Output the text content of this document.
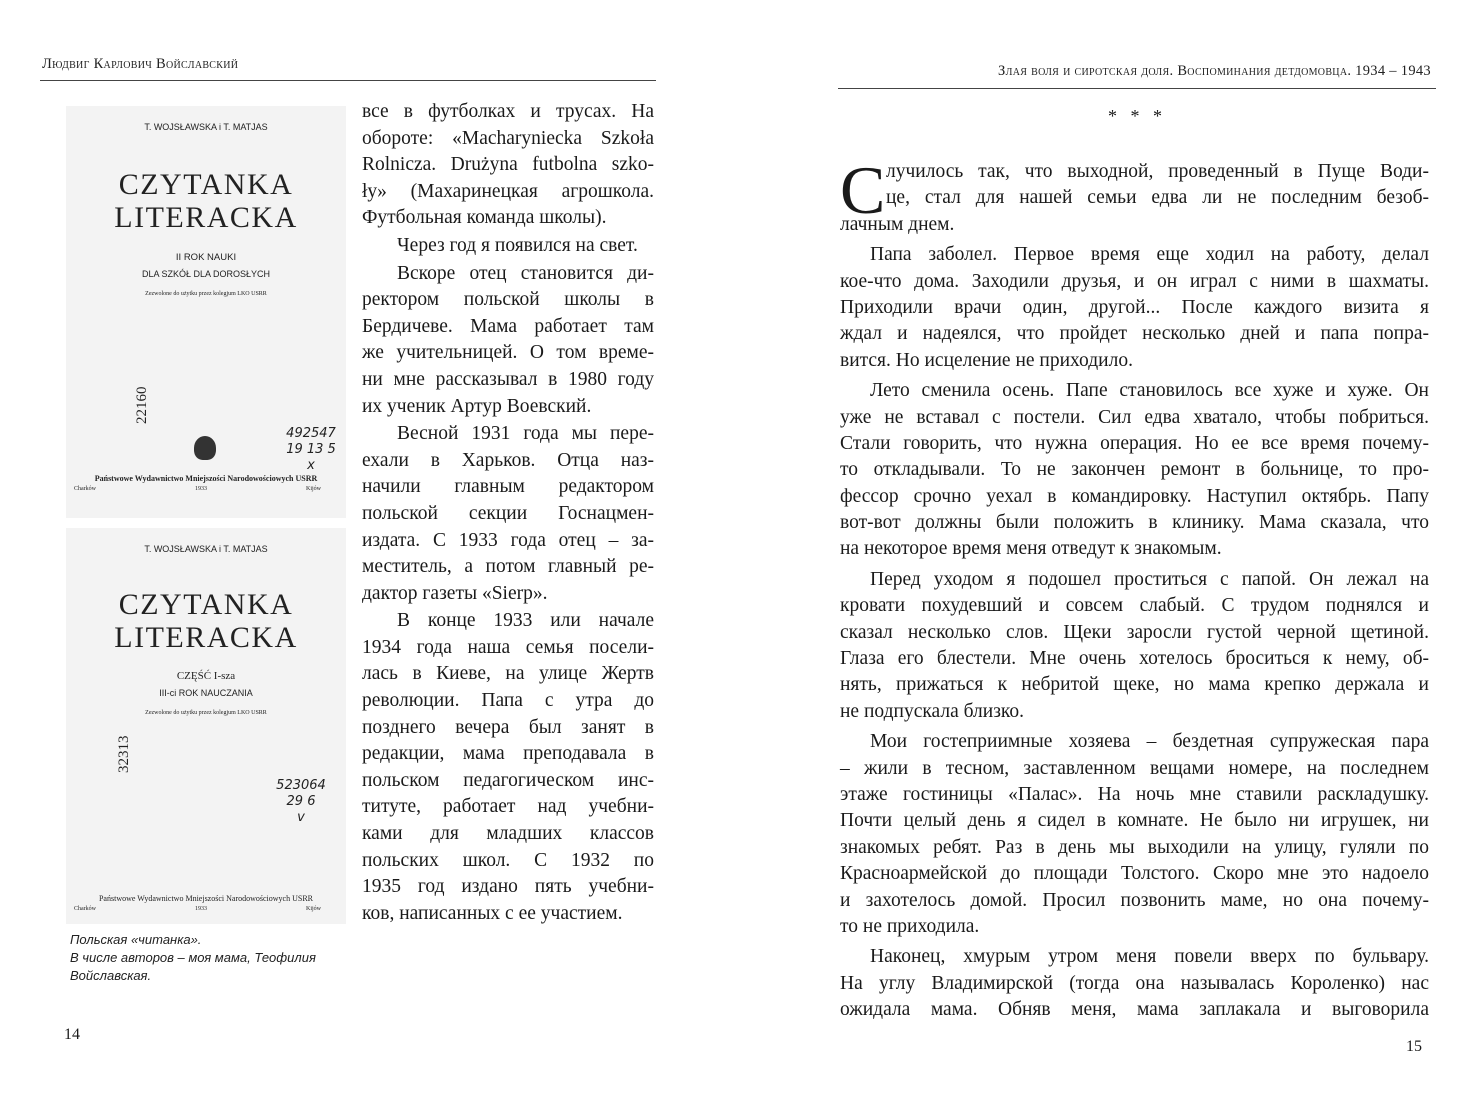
Людвиг Карлович Войславский
T. WOJSŁAWSKA i T. MATJAS
CZYTANKA
LITERACKA
II ROK NAUKI
DLA SZKÓŁ DLA DOROSŁYCH
Zezwolone do użytku przez kolegjum LKO USRR
22160
492547
19 13 5
x
Państwowe Wydawnictwo Mniejszości Narodowościowych USRR
Charków	1933	Kijów
T. WOJSŁAWSKA i T. MATJAS
CZYTANKA
LITERACKA
CZĘŚĆ I-sza
III-ci ROK NAUCZANIA
Zezwolone do użytku przez kolegjum LKO USRR
32313
523064
29 6
v
Państwowe Wydawnictwo Mniejszości Narodowościowych USRR
Charków	1933	Kijów
Польская «читанка».
В числе авторов – моя мама, Теофилия
Войславская.
все в футболках и трусах. На
обороте: «Macharyniecka Szkoła
Rolnicza. Drużyna futbolna szko-
ły» (Махаринецкая агрошкола.
Футбольная команда школы).
Через год я появился на свет.
Вскоре отец становится ди-
ректором польской школы в
Бердичеве. Мама работает там
же учительницей. О том време-
ни мне рассказывал в 1980 году
их ученик Артур Воевский.
Весной 1931 года мы пере-
ехали в Харьков. Отца наз-
начили главным редактором
польской секции Госнацмен-
издата. С 1933 года отец – за-
меститель, а потом главный ре-
дактор газеты «Sierp».
В конце 1933 или начале
1934 года наша семья посели-
лась в Киеве, на улице Жертв
революции. Папа с утра до
позднего вечера был занят в
редакции, мама преподавала в
польском педагогическом инс-
титуте, работает над учебни-
ками для младших классов
польских школ. С 1932 по
1935 год издано пять учебни-
ков, написанных с ее участием.
14
Злая воля и сиротская доля. Воспоминания детдомовца. 1934 – 1943
*   *   *
С лучилось так, что выходной, проведенный в Пуще Води-
це, стал для нашей семьи едва ли не последним безоб-
лачным днем.
Папа заболел. Первое время еще ходил на работу, делал
кое-что дома. Заходили друзья, и он играл с ними в шахматы.
Приходили врачи один, другой... После каждого визита я
ждал и надеялся, что пройдет несколько дней и папа попра-
вится. Но исцеление не приходило.
Лето сменила осень. Папе становилось все хуже и хуже. Он
уже не вставал с постели. Сил едва хватало, чтобы побриться.
Стали говорить, что нужна операция. Но ее все время почему-
то откладывали. То не закончен ремонт в больнице, то про-
фессор срочно уехал в командировку. Наступил октябрь. Папу
вот-вот должны были положить в клинику. Мама сказала, что
на некоторое время меня отведут к знакомым.
Перед уходом я подошел проститься с папой. Он лежал на
кровати похудевший и совсем слабый. С трудом поднялся и
сказал несколько слов. Щеки заросли густой черной щетиной.
Глаза его блестели. Мне очень хотелось броситься к нему, об-
нять, прижаться к небритой щеке, но мама крепко держала и
не подпускала близко.
Мои гостеприимные хозяева – бездетная супружеская пара
– жили в тесном, заставленном вещами номере, на последнем
этаже гостиницы «Палас». На ночь мне ставили раскладушку.
Почти целый день я сидел в комнате. Не было ни игрушек, ни
знакомых ребят. Раз в день мы выходили на улицу, гуляли по
Красноармейской до площади Толстого. Скоро мне это надоело
и захотелось домой. Просил позвонить маме, но она почему-
то не приходила.
Наконец, хмурым утром меня повели вверх по бульвару.
На углу Владимирской (тогда она называлась Короленко) нас
ожидала мама. Обняв меня, мама заплакала и выговорила
15
